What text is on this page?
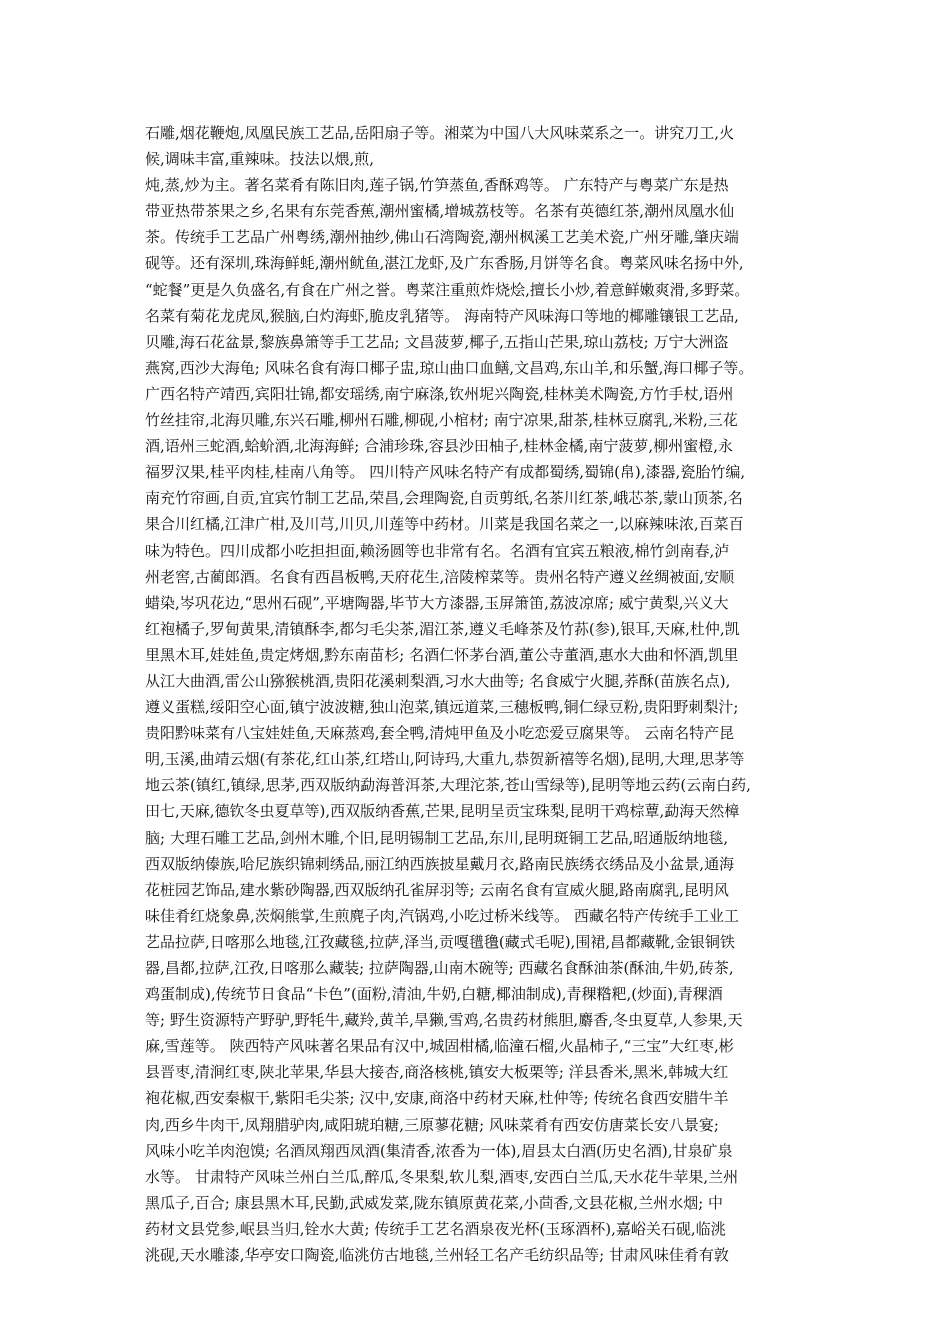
石雕,烟花鞭炮,凤凰民族工艺品,岳阳扇子等。湘菜为中国八大风味菜系之一。讲究刀工,火
候,调味丰富,重辣味。技法以煨,煎,
炖,蒸,炒为主。著名菜肴有陈旧肉,莲子锅,竹笋蒸鱼,香酥鸡等。 广东特产与粤菜广东是热
带亚热带茶果之乡,名果有东莞香蕉,潮州蜜橘,增城荔枝等。名茶有英德红茶,潮州凤凰水仙
茶。传统手工艺品广州粤绣,潮州抽纱,佛山石湾陶瓷,潮州枫溪工艺美术瓷,广州牙雕,肇庆端
砚等。还有深圳,珠海鲜蚝,潮州鱿鱼,湛江龙虾,及广东香肠,月饼等名食。粤菜风味名扬中外,
“蛇餐”更是久负盛名,有食在广州之誉。粤菜注重煎炸烧烩,擅长小炒,着意鲜嫩爽滑,多野菜。
名菜有菊花龙虎凤,猴脑,白灼海虾,脆皮乳猪等。 海南特产风味海口等地的椰雕镶银工艺品,
贝雕,海石花盆景,黎族鼻箫等手工艺品; 文昌菠萝,椰子,五指山芒果,琼山荔枝; 万宁大洲盗
燕窝,西沙大海龟; 风味名食有海口椰子盅,琼山曲口血鳝,文昌鸡,东山羊,和乐蟹,海口椰子等。
广西名特产靖西,宾阳壮锦,都安瑶绣,南宁麻涤,钦州坭兴陶瓷,桂林美术陶瓷,方竹手杖,语州
竹丝挂帘,北海贝雕,东兴石雕,柳州石雕,柳砚,小棺材; 南宁凉果,甜茶,桂林豆腐乳,米粉,三花
酒,语州三蛇酒,蛤蚧酒,北海海鲜; 合浦珍珠,容县沙田柚子,桂林金橘,南宁菠萝,柳州蜜橙,永
福罗汉果,桂平肉桂,桂南八角等。 四川特产风味名特产有成都蜀绣,蜀锦(帛),漆器,瓷胎竹编,
南充竹帘画,自贡,宜宾竹制工艺品,荣昌,会理陶瓷,自贡剪纸,名茶川红茶,峨芯茶,蒙山顶茶,名
果合川红橘,江津广柑,及川芎,川贝,川莲等中药材。川菜是我国名菜之一,以麻辣味浓,百菜百
味为特色。四川成都小吃担担面,赖汤圆等也非常有名。名酒有宜宾五粮液,棉竹剑南春,泸
州老窖,古蔺郎酒。名食有西昌板鸭,天府花生,涪陵榨菜等。贵州名特产遵义丝绸被面,安顺
蜡染,岑巩花边,“思州石砚”,平塘陶器,毕节大方漆器,玉屏箫笛,荔波凉席; 威宁黄梨,兴义大
红袍橘子,罗甸黄果,清镇酥李,都匀毛尖茶,湄江茶,遵义毛峰茶及竹荪(参),银耳,天麻,杜仲,凯
里黑木耳,娃娃鱼,贵定烤烟,黔东南苗杉; 名酒仁怀茅台酒,董公寺董酒,惠水大曲和怀酒,凯里
从江大曲酒,雷公山猕猴桃酒,贵阳花溪刺梨酒,习水大曲等; 名食威宁火腿,荞酥(苗族名点),
遵义蛋糕,绥阳空心面,镇宁波波糖,独山泡菜,镇远道菜,三穗板鸭,铜仁绿豆粉,贵阳野刺梨汁;
贵阳黔味菜有八宝娃娃鱼,天麻蒸鸡,套全鸭,清炖甲鱼及小吃恋爱豆腐果等。 云南名特产昆
明,玉溪,曲靖云烟(有茶花,红山茶,红塔山,阿诗玛,大重九,恭贺新禧等名烟),昆明,大理,思茅等
地云茶(镇红,镇绿,思茅,西双版纳勐海普洱茶,大理沱茶,苍山雪绿等),昆明等地云药(云南白药,
田七,天麻,德钦冬虫夏草等),西双版纳香蕉,芒果,昆明呈贡宝珠梨,昆明干鸡棕蕈,勐海天然樟
脑; 大理石雕工艺品,剑州木雕,个旧,昆明锡制工艺品,东川,昆明斑铜工艺品,昭通版纳地毯,
西双版纳傣族,哈尼族织锦刺绣品,丽江纳西族披星戴月衣,路南民族绣衣绣品及小盆景,通海
花桩园艺饰品,建水紫砂陶器,西双版纳孔雀屏羽等; 云南名食有宣威火腿,路南腐乳,昆明风
味佳肴红烧象鼻,茨焖熊掌,生煎麂子肉,汽锅鸡,小吃过桥米线等。 西藏名特产传统手工业工
艺品拉萨,日喀那么地毯,江孜藏毯,拉萨,泽当,贡嘎氆氇(藏式毛呢),围裙,昌都藏靴,金银铜铁
器,昌都,拉萨,江孜,日喀那么藏装; 拉萨陶器,山南木碗等; 西藏名食酥油茶(酥油,牛奶,砖茶,
鸡蛋制成),传统节日食品“卡色”(面粉,清油,牛奶,白糖,椰油制成),青稞糌粑,(炒面),青稞酒
等; 野生资源特产野驴,野牦牛,藏羚,黄羊,旱獭,雪鸡,名贵药材熊胆,麝香,冬虫夏草,人参果,天
麻,雪莲等。 陕西特产风味著名果品有汉中,城固柑橘,临潼石榴,火晶柿子,“三宝”大红枣,彬
县晋枣,清涧红枣,陕北苹果,华县大接杏,商洛核桃,镇安大板栗等; 洋县香米,黑米,韩城大红
袍花椒,西安秦椒干,紫阳毛尖茶; 汉中,安康,商洛中药材天麻,杜仲等; 传统名食西安腊牛羊
肉,西乡牛肉干,凤翔腊驴肉,咸阳琥珀糖,三原蓼花糖; 风味菜肴有西安仿唐菜长安八景宴;
风味小吃羊肉泡馍; 名酒凤翔西凤酒(集清香,浓香为一体),眉县太白酒(历史名酒),甘泉矿泉
水等。 甘肃特产风味兰州白兰瓜,醉瓜,冬果梨,软儿梨,酒枣,安西白兰瓜,天水花牛苹果,兰州
黑瓜子,百合; 康县黑木耳,民勤,武威发菜,陇东镇原黄花菜,小茴香,文县花椒,兰州水烟; 中
药材文县党参,岷县当归,铨水大黄; 传统手工艺名酒泉夜光杯(玉琢酒杯),嘉峪关石砚,临洮
洮砚,天水雕漆,华亭安口陶瓷,临洮仿古地毯,兰州轻工名产毛纺织品等; 甘肃风味佳肴有敦
